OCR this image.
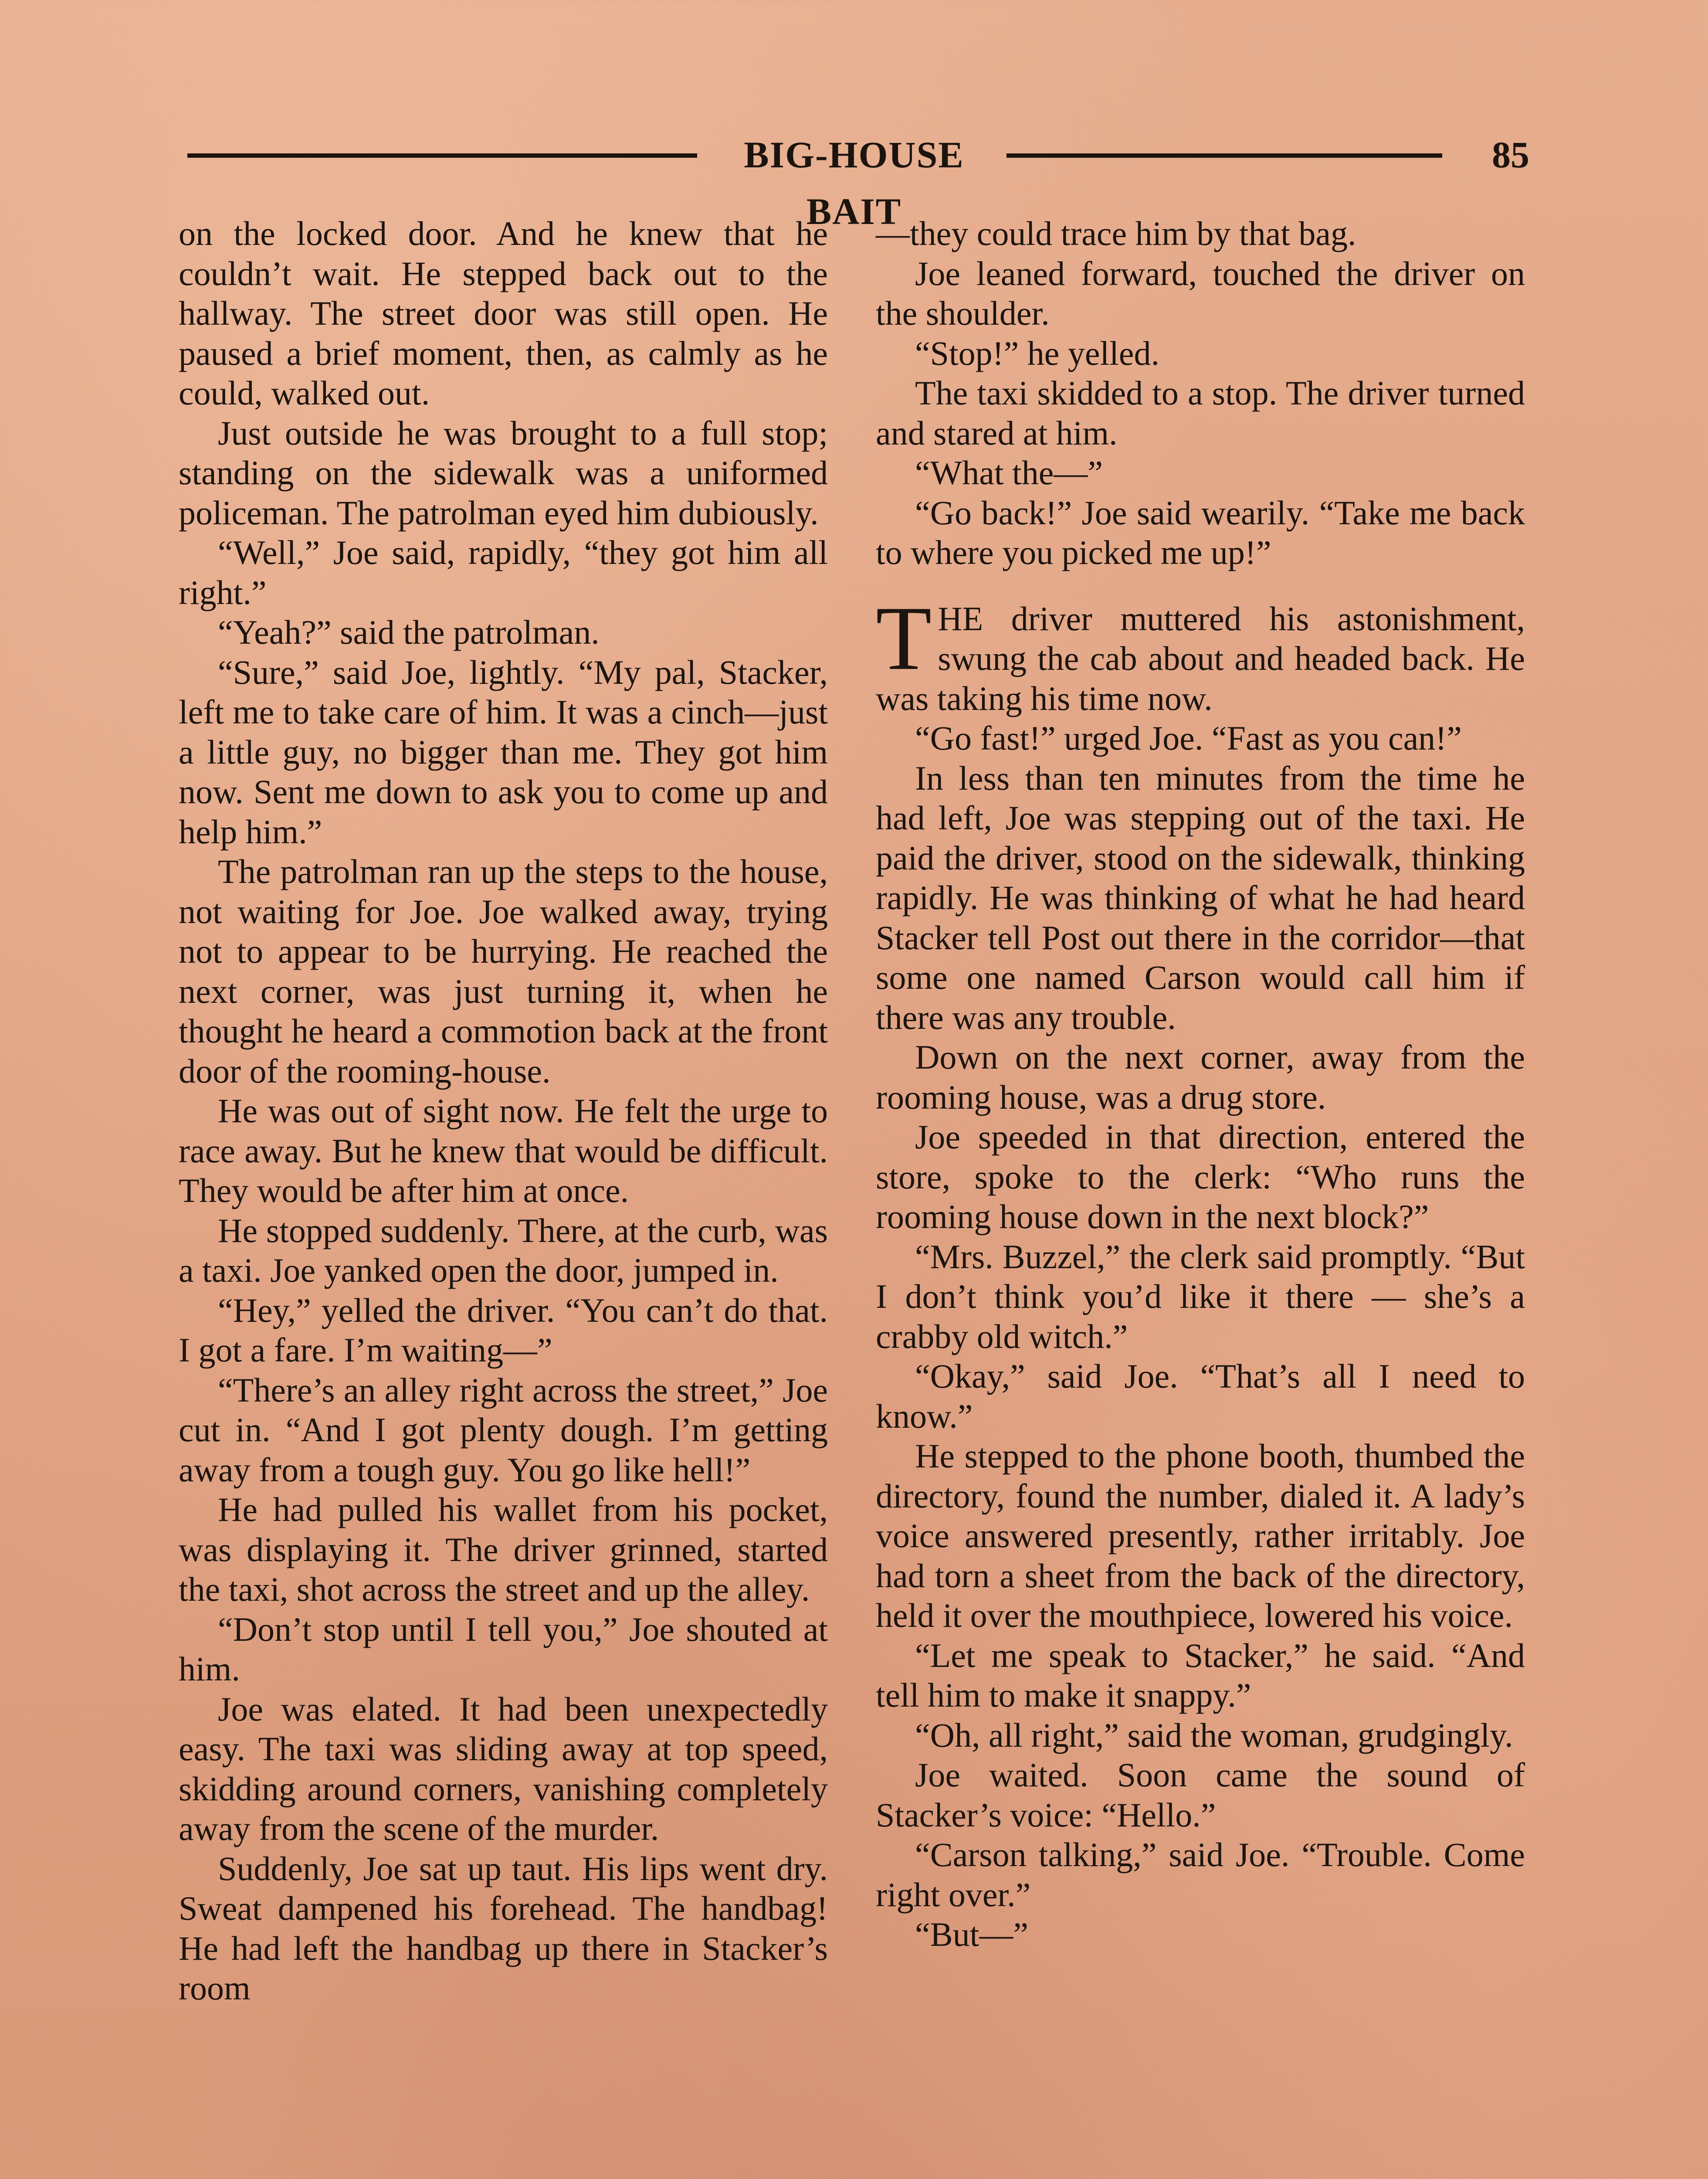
BIG-HOUSE BAIT
85

on the locked door. And he knew that he couldn’t wait. He stepped back out to the hallway. The street door was still open. He paused a brief moment, then, as calmly as he could, walked out.

Just outside he was brought to a full stop; standing on the sidewalk was a uniformed policeman. The patrolman eyed him dubiously.

“Well,” Joe said, rapidly, “they got him all right.”

“Yeah?” said the patrolman.

“Sure,” said Joe, lightly. “My pal, Stacker, left me to take care of him. It was a cinch—just a little guy, no bigger than me. They got him now. Sent me down to ask you to come up and help him.”

The patrolman ran up the steps to the house, not waiting for Joe. Joe walked away, trying not to appear to be hurrying. He reached the next corner, was just turning it, when he thought he heard a commotion back at the front door of the rooming-house.

He was out of sight now. He felt the urge to race away. But he knew that would be difficult. They would be after him at once.

He stopped suddenly. There, at the curb, was a taxi. Joe yanked open the door, jumped in.

“Hey,” yelled the driver. “You can’t do that. I got a fare. I’m waiting—”

“There’s an alley right across the street,” Joe cut in. “And I got plenty dough. I’m getting away from a tough guy. You go like hell!”

He had pulled his wallet from his pocket, was displaying it. The driver grinned, started the taxi, shot across the street and up the alley.

“Don’t stop until I tell you,” Joe shouted at him.

Joe was elated. It had been unexpectedly easy. The taxi was sliding away at top speed, skidding around corners, vanishing completely away from the scene of the murder.

Suddenly, Joe sat up taut. His lips went dry. Sweat dampened his forehead. The handbag! He had left the handbag up there in Stacker’s room

—they could trace him by that bag.

Joe leaned forward, touched the driver on the shoulder.

“Stop!” he yelled.

The taxi skidded to a stop. The driver turned and stared at him.

“What the—”

“Go back!” Joe said wearily. “Take me back to where you picked me up!”

T HE driver muttered his astonishment, swung the cab about and headed back. He was taking his time now.

“Go fast!” urged Joe. “Fast as you can!”

In less than ten minutes from the time he had left, Joe was stepping out of the taxi. He paid the driver, stood on the sidewalk, thinking rapidly. He was thinking of what he had heard Stacker tell Post out there in the corridor—that some one named Carson would call him if there was any trouble.

Down on the next corner, away from the rooming house, was a drug store.

Joe speeded in that direction, entered the store, spoke to the clerk: “Who runs the rooming house down in the next block?”

“Mrs. Buzzel,” the clerk said promptly. “But I don’t think you’d like it there — she’s a crabby old witch.”

“Okay,” said Joe. “That’s all I need to know.”

He stepped to the phone booth, thumbed the directory, found the number, dialed it. A lady’s voice answered presently, rather irritably. Joe had torn a sheet from the back of the directory, held it over the mouthpiece, lowered his voice.

“Let me speak to Stacker,” he said. “And tell him to make it snappy.”

“Oh, all right,” said the woman, grudgingly.

Joe waited. Soon came the sound of Stacker’s voice: “Hello.”

“Carson talking,” said Joe. “Trouble. Come right over.”

“But—”
